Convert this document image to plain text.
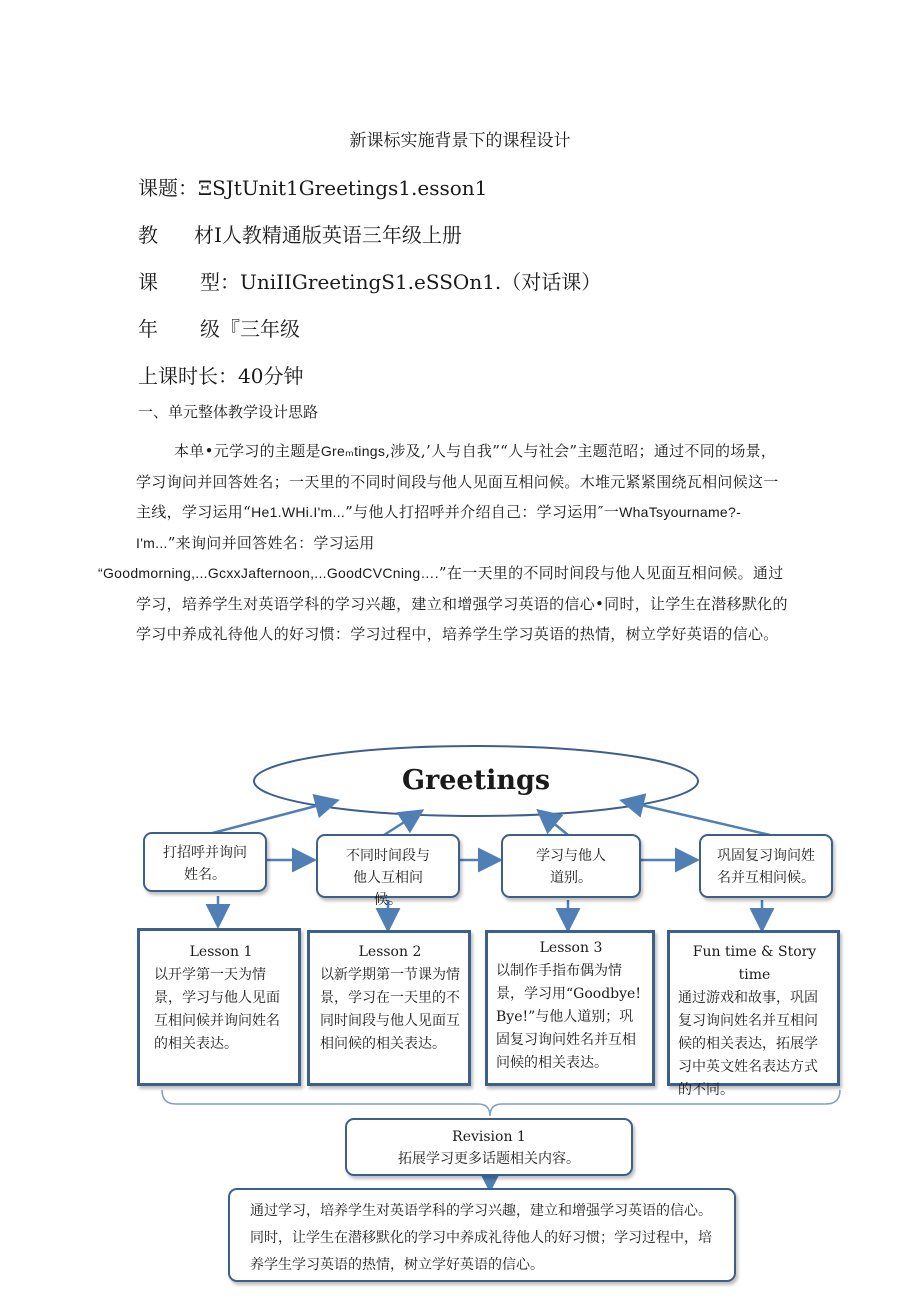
新课标实施背景下的课程设计
课题：ΞSJtUnit1Greetings1.esson1
教 材I人教精通版英语三年级上册
课 型：UniIIGreetingS1.eSSOn1.（对话课）
年 级『三年级
上课时长：40分钟
一、单元整体教学设计思路
本单•元学习的主题是Greₘtings,涉及,’人与自我”“人与社会”主题范昭；通过不同的场景，学习询问并回答姓名；一天里的不同时间段与他人见面互相问候。木堆元紧紧围绕瓦相问候这一主线，学习运用“He1.WHi.I'm...”与他人打招呼并介绍自己：学习运用″一WhaTsyourname?-I'm...”来询问并回答姓名：学习运用
“Goodmorning,...GcxxJafternoon,...GoodCVCning….”在一天里的不同时间段与他人见面互相问候。通过学习，培养学生对英语学科的学习兴趣，建立和增强学习英语的信心•同时，让学生在潜移默化的学习中养成礼待他人的好习惯：学习过程中，培养学生学习英语的热情，树立学好英语的信心。
Greetings
打招呼并询问姓名。
不同时间段与他人互相问候。
学习与他人道别。
巩固复习询问姓名并互相问候。
Lesson 1
以开学第一天为情景，学习与他人见面互相问候并询问姓名的相关表达。
Lesson 2
以新学期第一节课为情景，学习在一天里的不同时间段与他人见面互相问候的相关表达。
Lesson 3
以制作手指布偶为情景，学习用“Goodbye! Bye!”与他人道别；巩固复习询问姓名并互相问候的相关表达。
Fun time & Story time
通过游戏和故事，巩固复习询问姓名并互相问候的相关表达，拓展学习中英文姓名表达方式的不同。
Revision 1
拓展学习更多话题相关内容。
通过学习，培养学生对英语学科的学习兴趣，建立和增强学习英语的信心。同时，让学生在潜移默化的学习中养成礼待他人的好习惯；学习过程中，培养学生学习英语的热情，树立学好英语的信心。
